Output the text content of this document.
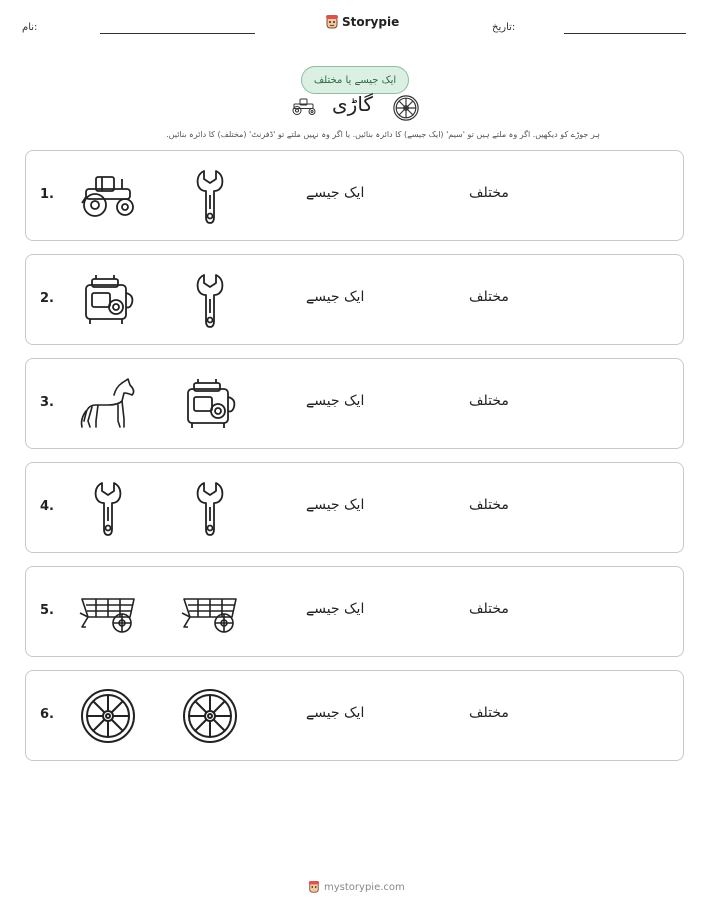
نام:	Storypie	تاریخ:
ایک جیسے یا مختلف
گاڑی
ہر جوڑے کو دیکھیں. اگر وہ ملتے ہیں تو 'سیم' (ایک جیسے) کا دائرہ بنائیں. یا اگر وہ نہیں ملتے تو 'ڈفرنٹ' (مختلف) کا دائرہ بنائیں.
1.	ایک جیسے	مختلف
2.	ایک جیسے	مختلف
3.	ایک جیسے	مختلف
4.	ایک جیسے	مختلف
5.	ایک جیسے	مختلف
6.	ایک جیسے	مختلف
mystorypie.com
